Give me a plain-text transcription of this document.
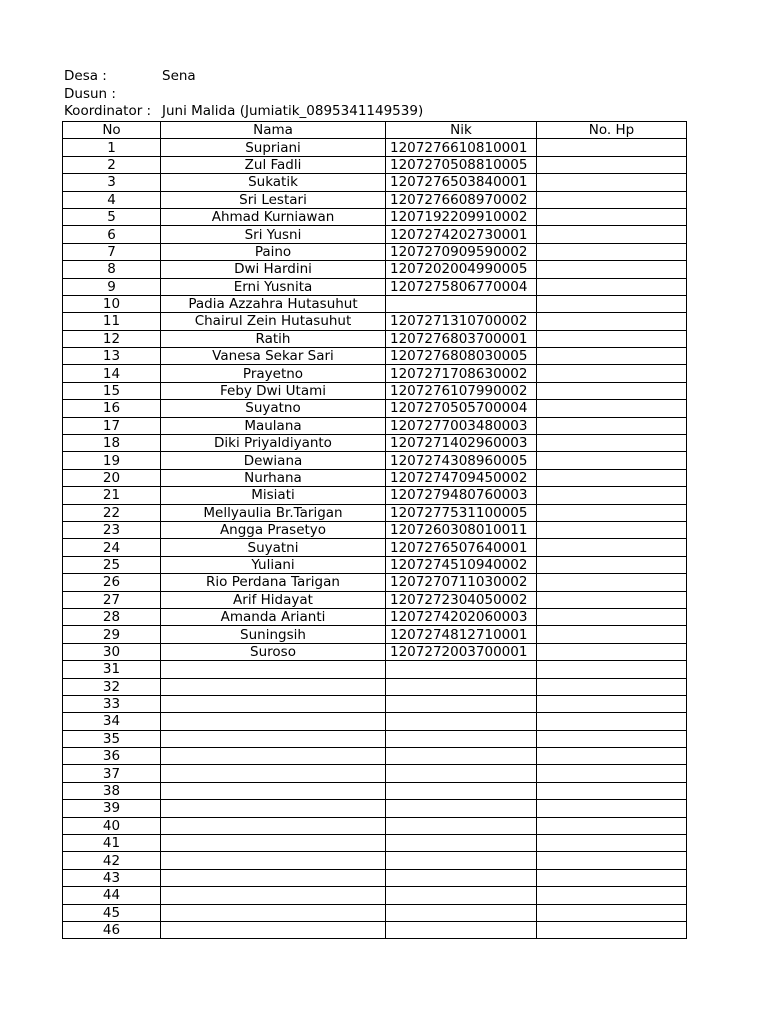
Desa :	Sena
Dusun :
Koordinator : Juni Malida (Jumiatik_0895341149539)
No	Nama	Nik	No. Hp
1	Supriani	1207276610810001	
2	Zul Fadli	1207270508810005	
3	Sukatik	1207276503840001	
4	Sri Lestari	1207276608970002	
5	Ahmad Kurniawan	1207192209910002	
6	Sri Yusni	1207274202730001	
7	Paino	1207270909590002	
8	Dwi Hardini	1207202004990005	
9	Erni Yusnita	1207275806770004	
10	Padia Azzahra Hutasuhut		
11	Chairul Zein Hutasuhut	1207271310700002	
12	Ratih	1207276803700001	
13	Vanesa Sekar Sari	1207276808030005	
14	Prayetno	1207271708630002	
15	Feby Dwi Utami	1207276107990002	
16	Suyatno	1207270505700004	
17	Maulana	1207277003480003	
18	Diki Priyaldiyanto	1207271402960003	
19	Dewiana	1207274308960005	
20	Nurhana	1207274709450002	
21	Misiati	1207279480760003	
22	Mellyaulia Br.Tarigan	1207277531100005	
23	Angga Prasetyo	1207260308010011	
24	Suyatni	1207276507640001	
25	Yuliani	1207274510940002	
26	Rio Perdana Tarigan	1207270711030002	
27	Arif Hidayat	1207272304050002	
28	Amanda Arianti	1207274202060003	
29	Suningsih	1207274812710001	
30	Suroso	1207272003700001	
31			
32			
33			
34			
35			
36			
37			
38			
39			
40			
41			
42			
43			
44			
45			
46			
